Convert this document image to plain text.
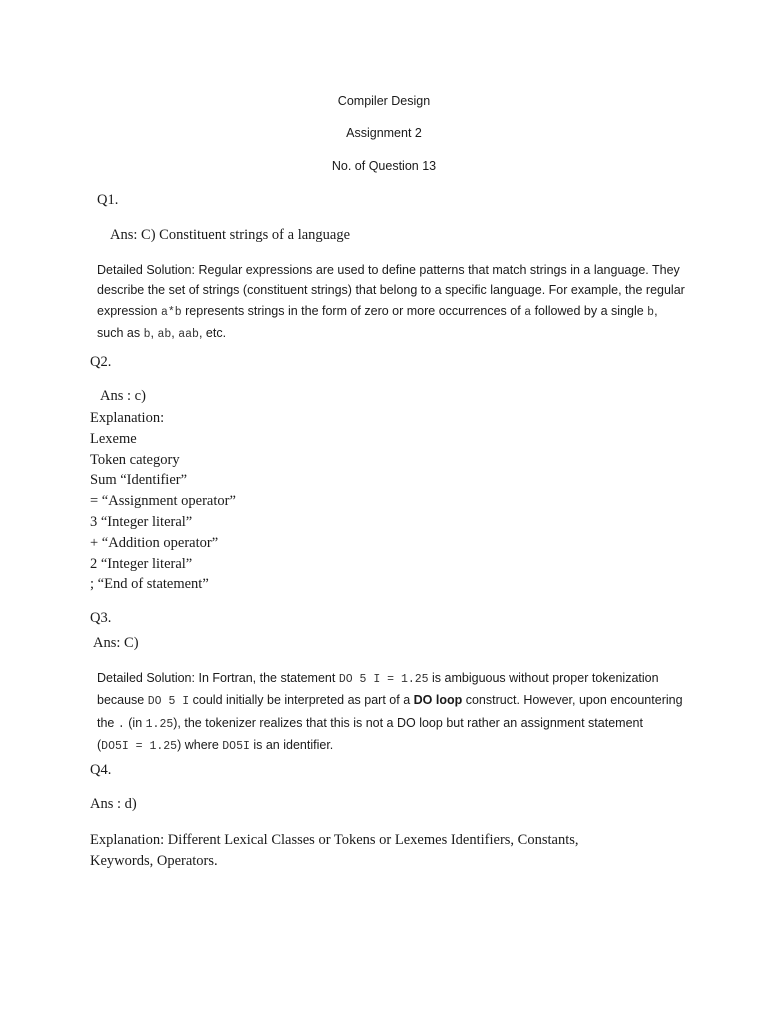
Compiler Design
Assignment 2
No. of Question 13
Q1.
Ans: C) Constituent strings of a language
Detailed Solution: Regular expressions are used to define patterns that match strings in a language. They describe the set of strings (constituent strings) that belong to a specific language. For example, the regular expression a*b represents strings in the form of zero or more occurrences of a followed by a single b, such as b, ab, aab, etc.
Q2.
Ans : c)
Explanation:
Lexeme
Token category
Sum “Identifier”
= “Assignment operator”
3 “Integer literal”
+ “Addition operator”
2 “Integer literal”
; “End of statement”
Q3.
Ans: C)
Detailed Solution: In Fortran, the statement DO 5 I = 1.25 is ambiguous without proper tokenization because DO 5 I could initially be interpreted as part of a DO loop construct. However, upon encountering the . (in 1.25), the tokenizer realizes that this is not a DO loop but rather an assignment statement (DO5I = 1.25) where DO5I is an identifier.
Q4.
Ans : d)
Explanation: Different Lexical Classes or Tokens or Lexemes Identifiers, Constants, Keywords, Operators.
